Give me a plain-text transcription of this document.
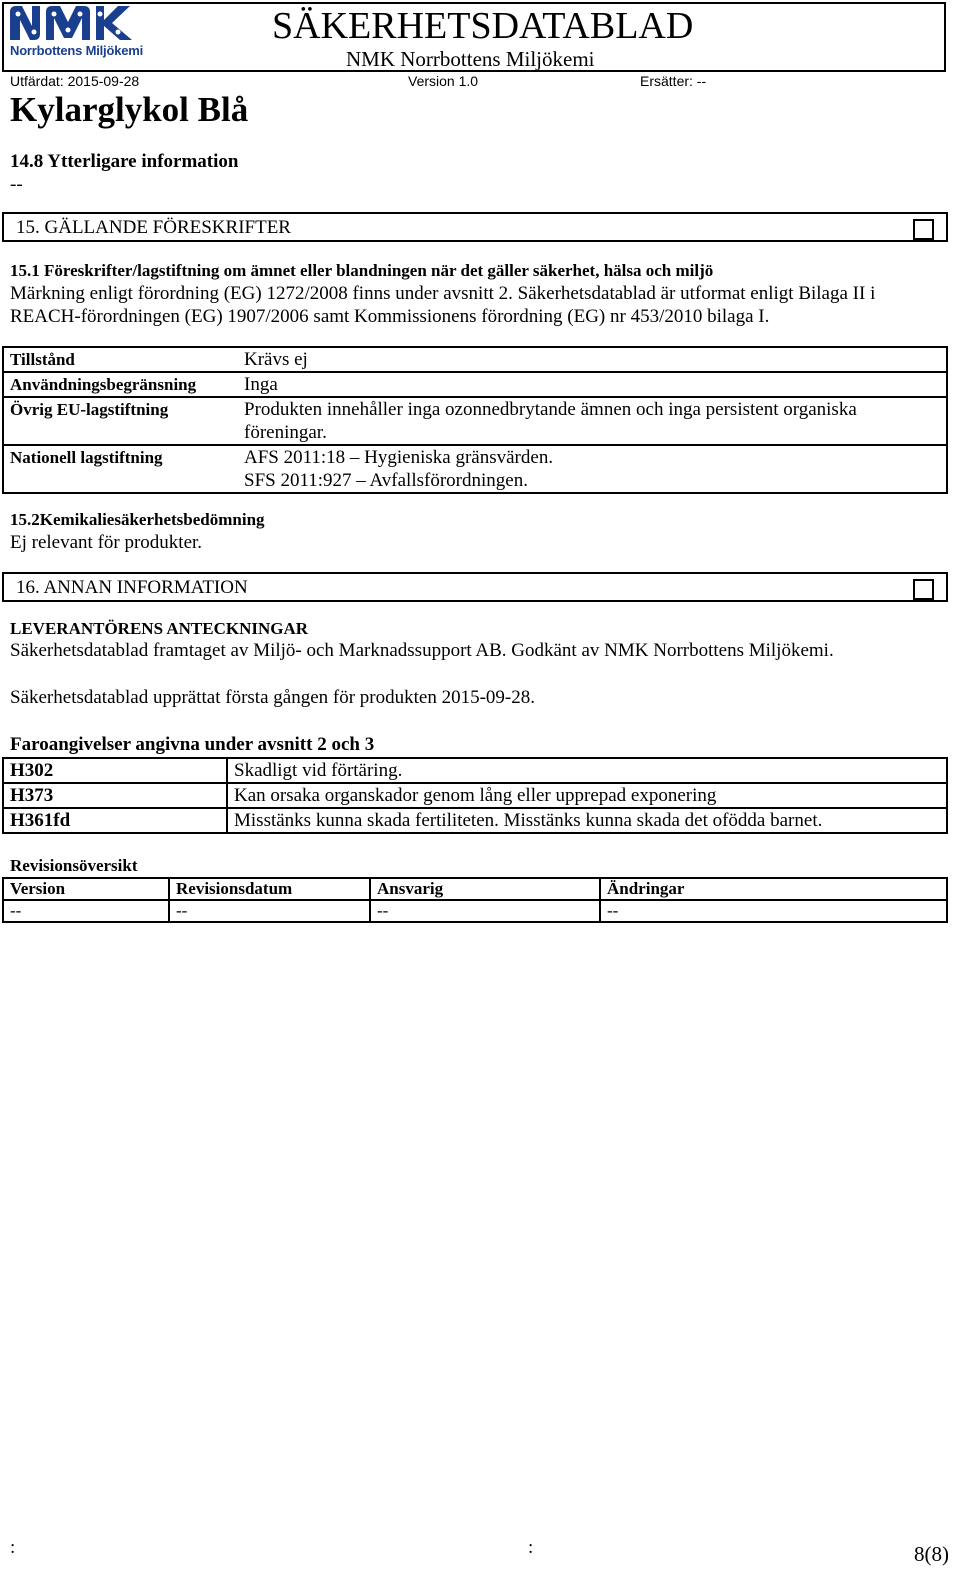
Norrbottens Miljökemi
SÄKERHETSDATABLAD
NMK Norrbottens Miljökemi
Utfärdat: 2015-09-28	Version 1.0	Ersätter: --
Kylarglykol Blå
14.8 Ytterligare information
--
15. GÄLLANDE FÖRESKRIFTER
15.1 Föreskrifter/lagstiftning om ämnet eller blandningen när det gäller säkerhet, hälsa och miljö
Märkning enligt förordning (EG) 1272/2008 finns under avsnitt 2. Säkerhetsdatablad är utformat enligt Bilaga II i
REACH-förordningen (EG) 1907/2006 samt Kommissionens förordning (EG) nr 453/2010 bilaga I.
Tillstånd	Krävs ej
Användningsbegränsning	Inga
Övrig EU-lagstiftning	Produkten innehåller inga ozonnedbrytande ämnen och inga persistent organiska
föreningar.
Nationell lagstiftning	AFS 2011:18 – Hygieniska gränsvärden.
SFS 2011:927 – Avfallsförordningen.
15.2Kemikaliesäkerhetsbedömning
Ej relevant för produkter.
16. ANNAN INFORMATION
LEVERANTÖRENS ANTECKNINGAR
Säkerhetsdatablad framtaget av Miljö- och Marknadssupport AB. Godkänt av NMK Norrbottens Miljökemi.
Säkerhetsdatablad upprättat första gången för produkten 2015-09-28.
Faroangivelser angivna under avsnitt 2 och 3
H302	Skadligt vid förtäring.
H373	Kan orsaka organskador genom lång eller upprepad exponering
H361fd	Misstänks kunna skada fertiliteten. Misstänks kunna skada det ofödda barnet.
Revisionsöversikt
Version	Revisionsdatum	Ansvarig	Ändringar
--	--	--	--
:	:	8(8)
